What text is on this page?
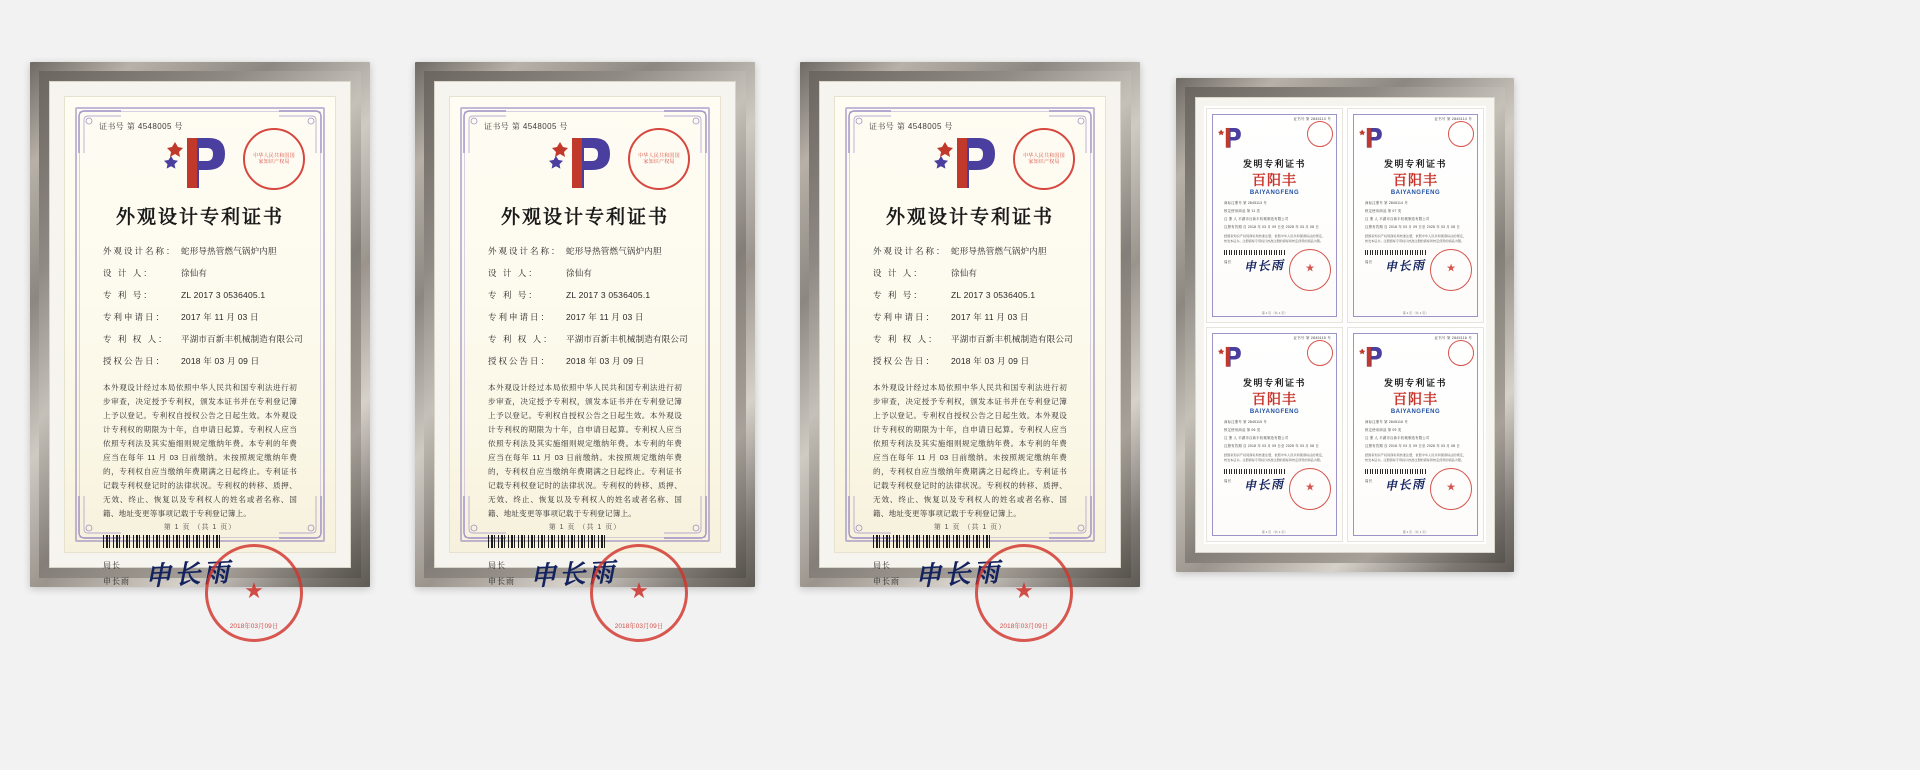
证书号 第 4548005 号
中华人民共和国国家知识产权局
外观设计专利证书
外观设计名称： 蛇形导热管燃气锅炉内胆
设 计 人：	徐仙有
专 利 号：	ZL 2017 3 0536405.1
专利申请日： 2017 年 11 月 03 日
专 利 权 人： 平湖市百新丰机械制造有限公司
授权公告日： 2018 年 03 月 09 日
本外观设计经过本局依照中华人民共和国专利法进行初步审查，决定授予专利权，颁发本证书并在专利登记簿上予以登记。专利权自授权公告之日起生效。本外观设计专利权的期限为十年，自申请日起算。专利权人应当依照专利法及其实施细则规定缴纳年费。本专利的年费应当在每年 11 月 03 日前缴纳。未按照规定缴纳年费的，专利权自应当缴纳年费期满之日起终止。专利证书记载专利权登记时的法律状况。专利权的转移、质押、无效、终止、恢复以及专利权人的姓名或者名称、国籍、地址变更等事项记载于专利登记簿上。
局长
申长雨 申长雨 ★
2018年03月09日
第 1 页 （共 1 页）
证书号 第 4548005 号
中华人民共和国国家知识产权局
外观设计专利证书
外观设计名称： 蛇形导热管燃气锅炉内胆
设 计 人：	徐仙有
专 利 号：	ZL 2017 3 0536405.1
专利申请日： 2017 年 11 月 03 日
专 利 权 人： 平湖市百新丰机械制造有限公司
授权公告日： 2018 年 03 月 09 日
本外观设计经过本局依照中华人民共和国专利法进行初步审查，决定授予专利权，颁发本证书并在专利登记簿上予以登记。专利权自授权公告之日起生效。本外观设计专利权的期限为十年，自申请日起算。专利权人应当依照专利法及其实施细则规定缴纳年费。本专利的年费应当在每年 11 月 03 日前缴纳。未按照规定缴纳年费的，专利权自应当缴纳年费期满之日起终止。专利证书记载专利权登记时的法律状况。专利权的转移、质押、无效、终止、恢复以及专利权人的姓名或者名称、国籍、地址变更等事项记载于专利登记簿上。
局长
申长雨 申长雨 ★
2018年03月09日
第 1 页 （共 1 页）
证书号 第 4548005 号
中华人民共和国国家知识产权局
外观设计专利证书
外观设计名称： 蛇形导热管燃气锅炉内胆
设 计 人：	徐仙有
专 利 号：	ZL 2017 3 0536405.1
专利申请日： 2017 年 11 月 03 日
专 利 权 人： 平湖市百新丰机械制造有限公司
授权公告日： 2018 年 03 月 09 日
本外观设计经过本局依照中华人民共和国专利法进行初步审查，决定授予专利权，颁发本证书并在专利登记簿上予以登记。专利权自授权公告之日起生效。本外观设计专利权的期限为十年，自申请日起算。专利权人应当依照专利法及其实施细则规定缴纳年费。本专利的年费应当在每年 11 月 03 日前缴纳。未按照规定缴纳年费的，专利权自应当缴纳年费期满之日起终止。专利证书记载专利权登记时的法律状况。专利权的转移、质押、无效、终止、恢复以及专利权人的姓名或者名称、国籍、地址变更等事项记载于专利登记簿上。
局长
申长雨 申长雨 ★
2018年03月09日
第 1 页 （共 1 页）
证书号 第 2845113 号
发明专利证书
百阳丰
BAIYANGFENG
商标注册号 第 2845113 号
核定使用商品 第 11 类
注 册 人 平湖市百新丰机械制造有限公司
注册有效期 自 2018 年 03 月 09 日至 2028 年 03 月 08 日
经国家知识产权局商标局核准注册，依照中华人民共和国商标法的规定，核发本证书。注册商标专用权以核准注册的商标和核定使用的商品为限。
局长 申长雨 ★
第 1 页 （共 1 页）
证书号 第 2845114 号
发明专利证书
百阳丰
BAIYANGFENG
商标注册号 第 2845114 号
核定使用商品 第 07 类
注 册 人 平湖市百新丰机械制造有限公司
注册有效期 自 2018 年 03 月 09 日至 2028 年 03 月 08 日
经国家知识产权局商标局核准注册，依照中华人民共和国商标法的规定，核发本证书。注册商标专用权以核准注册的商标和核定使用的商品为限。
局长 申长雨 ★
第 1 页 （共 1 页）
证书号 第 2845115 号
发明专利证书
百阳丰
BAIYANGFENG
商标注册号 第 2845115 号
核定使用商品 第 06 类
注 册 人 平湖市百新丰机械制造有限公司
注册有效期 自 2018 年 03 月 09 日至 2028 年 03 月 08 日
经国家知识产权局商标局核准注册，依照中华人民共和国商标法的规定，核发本证书。注册商标专用权以核准注册的商标和核定使用的商品为限。
局长 申长雨 ★
第 1 页 （共 1 页）
证书号 第 2845116 号
发明专利证书
百阳丰
BAIYANGFENG
商标注册号 第 2845116 号
核定使用商品 第 09 类
注 册 人 平湖市百新丰机械制造有限公司
注册有效期 自 2018 年 03 月 09 日至 2028 年 03 月 08 日
经国家知识产权局商标局核准注册，依照中华人民共和国商标法的规定，核发本证书。注册商标专用权以核准注册的商标和核定使用的商品为限。
局长 申长雨 ★
第 1 页 （共 1 页）
